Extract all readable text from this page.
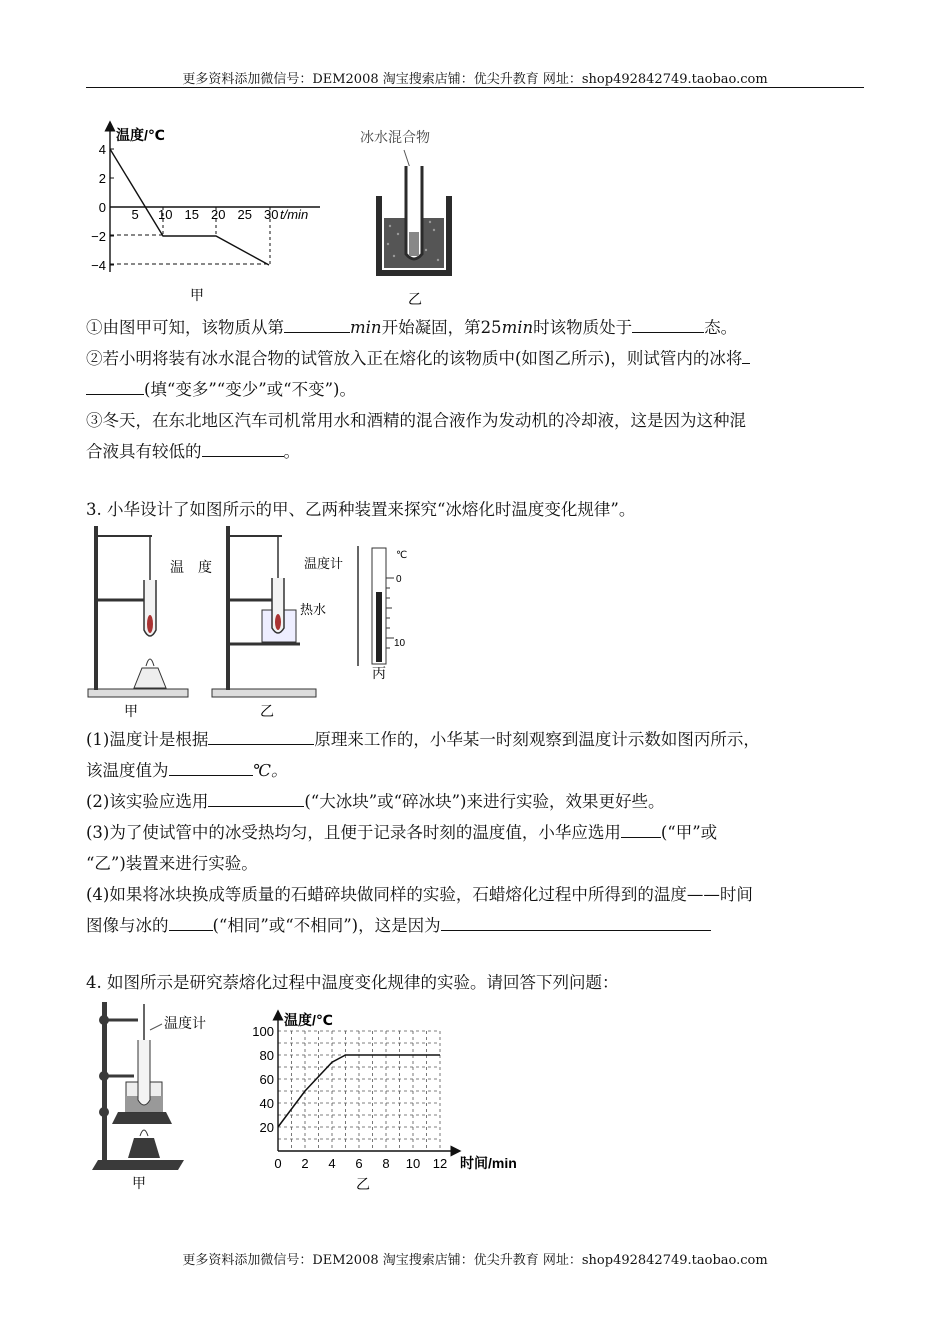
更多资料添加微信号：DEM2008 淘宝搜索店铺：优尖升教育 网址：shop492842749.taobao.com
5 10 15 20 25 30
4
2
0
−2
−4
温度/℃
t/min
甲
冰水混合物
乙
①由图甲可知，该物质从第	min开始凝固，第25min时该物质处于	态。
②若小明将装有冰水混合物的试管放入正在熔化的该物质中(如图乙所示)，则试管内的冰将
(填“变多”“变少”或“不变”)。
③冬天，在东北地区汽车司机常用水和酒精的混合液作为发动机的冷却液，这是因为这种混
合液具有较低的	。
3. 小华设计了如图所示的甲、乙两种装置来探究“冰熔化时温度变化规律”。
温 度
甲
温度计
热水
乙
℃
0
10
丙
(1)温度计是根据	原理来工作的，小华某一时刻观察到温度计示数如图丙所示，
该温度值为	℃。
(2)该实验应选用	(“大冰块”或“碎冰块”)来进行实验，效果更好些。
(3)为了使试管中的冰受热均匀，且便于记录各时刻的温度值，小华应选用 (“甲”或
“乙”)装置来进行实验。
(4)如果将冰块换成等质量的石蜡碎块做同样的实验，石蜡熔化过程中所得到的温度——时间
图像与冰的	(“相同”或“不相同”)，这是因为
4. 如图所示是研究萘熔化过程中温度变化规律的实验。请回答下列问题：
温度计
甲
0 2 4 6 8 10 12
100
80
60
40
20
温度/℃
时间/min
乙
更多资料添加微信号：DEM2008 淘宝搜索店铺：优尖升教育 网址：shop492842749.taobao.com
